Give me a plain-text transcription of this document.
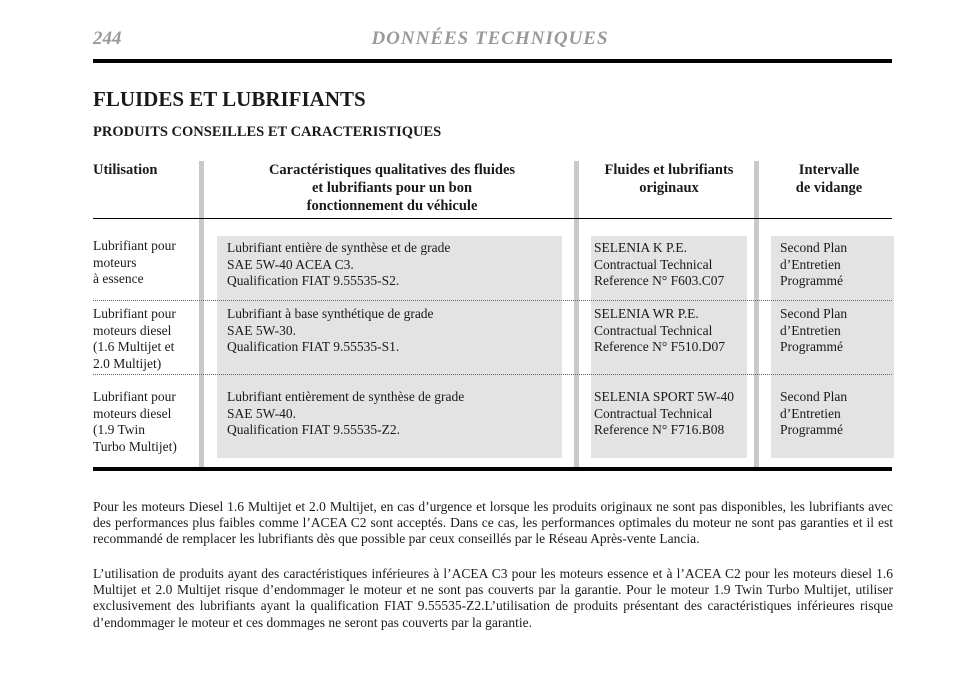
244	DONNÉES TECHNIQUES
FLUIDES ET LUBRIFIANTS
PRODUITS CONSEILLES ET CARACTERISTIQUES
Utilisation	Caractéristiques qualitatives des fluides
et lubrifiants pour un bon
fonctionnement du véhicule
Fluides et lubrifiants
originaux
Intervalle
de vidange
Lubrifiant pour
moteurs
à essence
Lubrifiant entière de synthèse et de grade
SAE 5W-40 ACEA C3.
Qualification FIAT 9.55535-S2.
SELENIA K P.E.
Contractual Technical
Reference N° F603.C07
Second Plan
d’Entretien
Programmé
Lubrifiant pour
moteurs diesel
(1.6 Multijet et
2.0 Multijet)
Lubrifiant à base synthétique de grade
SAE 5W-30.
Qualification FIAT 9.55535-S1.
SELENIA WR P.E.
Contractual Technical
Reference N° F510.D07
Second Plan
d’Entretien
Programmé
Lubrifiant pour
moteurs diesel
(1.9 Twin
Turbo Multijet)
Lubrifiant entièrement de synthèse de grade
SAE 5W-40.
Qualification FIAT 9.55535-Z2.
SELENIA SPORT 5W-40
Contractual Technical
Reference N° F716.B08
Second Plan
d’Entretien
Programmé

Pour les moteurs Diesel 1.6 Multijet et 2.0 Multijet, en cas d’urgence et lorsque les produits originaux ne sont pas disponibles, les lubrifiants avec des performances plus faibles comme l’ACEA C2 sont acceptés. Dans ce cas, les performances optimales du moteur ne sont pas garanties et il est recommandé de remplacer les lubrifiants dès que possible par ceux conseillés par le Réseau Après-vente Lancia.

L’utilisation de produits ayant des caractéristiques inférieures à l’ACEA C3 pour les moteurs essence et à l’ACEA C2 pour les moteurs diesel 1.6 Multijet et 2.0 Multijet risque d’endommager le moteur et ne sont pas couverts par la garantie. Pour le moteur 1.9 Twin Turbo Multijet, utiliser exclusivement des lubrifiants ayant la qualification FIAT 9.55535-Z2.L’utilisation de produits présentant des caractéristiques inférieures risque d’endommager le moteur et ces dommages ne seront pas couverts par la garantie.
